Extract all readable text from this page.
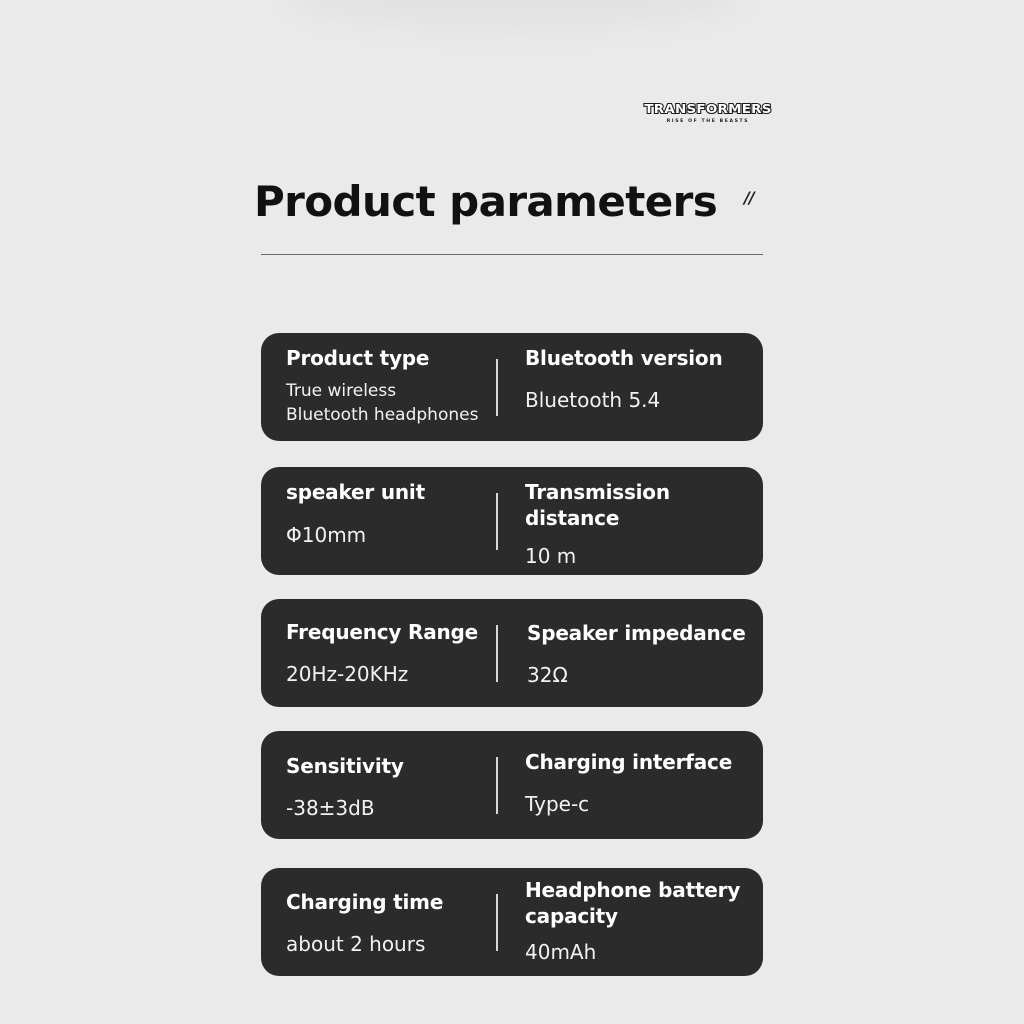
TRANSFORMERS
RISE OF THE BEASTS
Product parameters //
Product type
True wireless
Bluetooth headphones
Bluetooth version
Bluetooth 5.4
speaker unit
Φ10mm
Transmission distance
10 m
Frequency Range
20Hz-20KHz
Speaker impedance
32Ω
Sensitivity
-38±3dB
Charging interface
Type-c
Charging time
about 2 hours
Headphone battery capacity
40mAh
